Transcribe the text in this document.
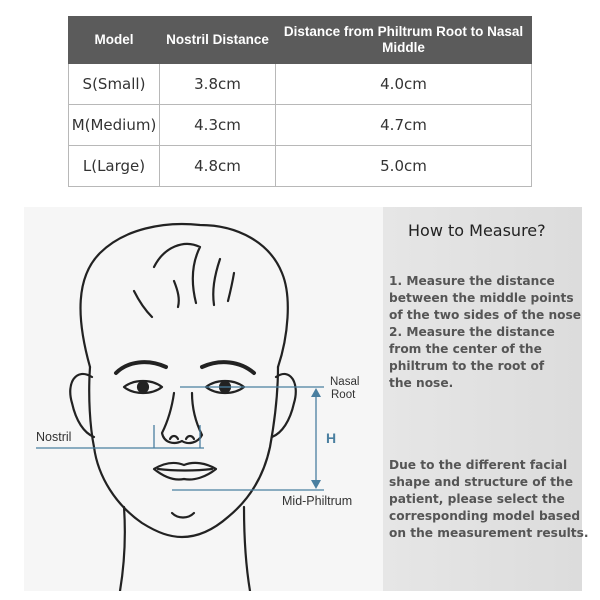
Model	Nostril Distance	Distance from Philtrum Root to Nasal Middle
S(Small)	3.8cm	4.0cm
M(Medium)	4.3cm	4.7cm
L(Large)	4.8cm	5.0cm
Nasal
Root
Nostril	H
Mid-Philtrum
How to Measure?

1. Measure the distance
between the middle points
of the two sides of the nose

2. Measure the distance
from the center of the
philtrum to the root of
the nose.

Due to the different facial
shape and structure of the
patient, please select the
corresponding model based
on the measurement results.
